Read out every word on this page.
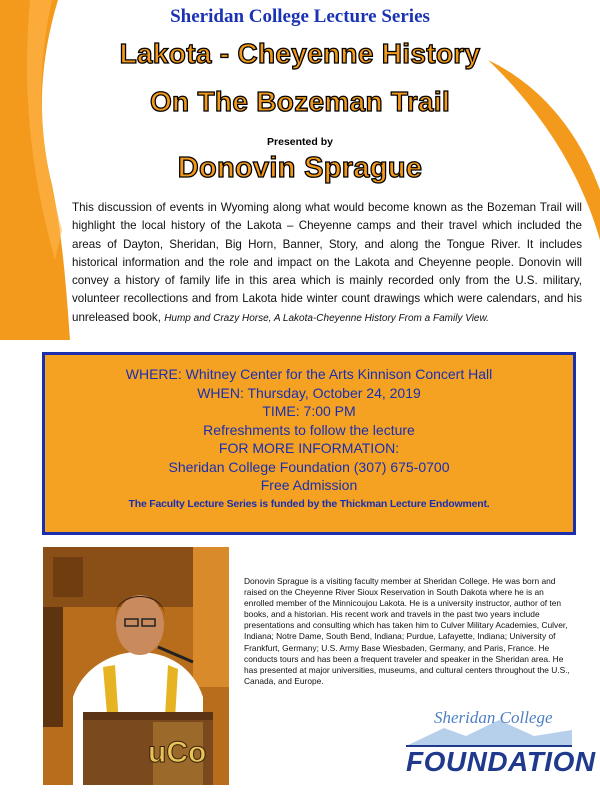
Sheridan College Lecture Series
Lakota - Cheyenne History
On The Bozeman Trail
Presented by
Donovin Sprague
This discussion of events in Wyoming along what would become known as the Bozeman Trail will highlight the local history of the Lakota – Cheyenne camps and their travel which included the areas of Dayton, Sheridan, Big Horn, Banner, Story, and along the Tongue River. It includes historical information and the role and impact on the Lakota and Cheyenne people. Donovin will convey a history of family life in this area which is mainly recorded only from the U.S. military, volunteer recollections and from Lakota hide winter count drawings which were calendars, and his unreleased book, Hump and Crazy Horse, A Lakota-Cheyenne History From a Family View.
WHERE: Whitney Center for the Arts Kinnison Concert Hall
WHEN: Thursday, October 24, 2019
TIME: 7:00 PM
Refreshments to follow the lecture
FOR MORE INFORMATION:
Sheridan College Foundation (307) 675-0700
Free Admission
The Faculty Lecture Series is funded by the Thickman Lecture Endowment.
uCo
Donovin Sprague is a visiting faculty member at Sheridan College. He was born and raised on the Cheyenne River Sioux Reservation in South Dakota where he is an enrolled member of the Minnicoujou Lakota. He is a university instructor, author of ten books, and a historian. His recent work and travels in the past two years include presentations and consulting which has taken him to Culver Military Academies, Culver, Indiana; Notre Dame, South Bend, Indiana; Purdue, Lafayette, Indiana; University of Frankfurt, Germany; U.S. Army Base Wiesbaden, Germany, and Paris, France. He conducts tours and has been a frequent traveler and speaker in the Sheridan area. He has presented at major universities, museums, and cultural centers throughout the U.S., Canada, and Europe.
Sheridan College
FOUNDATION
